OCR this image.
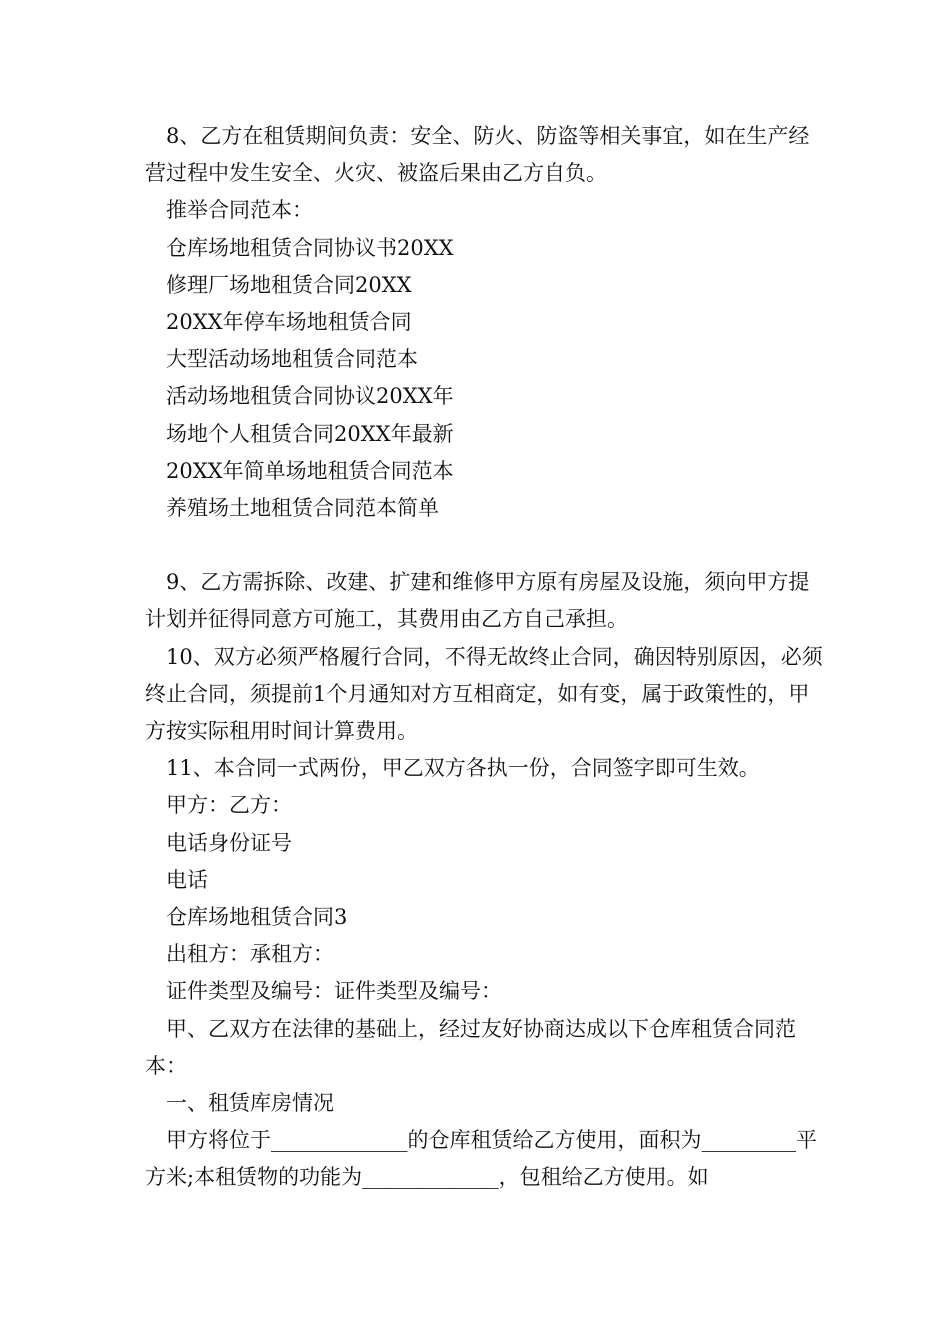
8、乙方在租赁期间负责：安全、防火、防盗等相关事宜，如在生产经营过程中发生安全、火灾、被盗后果由乙方自负。

推举合同范本：

仓库场地租赁合同协议书20XX

修理厂场地租赁合同20XX

20XX年停车场地租赁合同

大型活动场地租赁合同范本

活动场地租赁合同协议20XX年

场地个人租赁合同20XX年最新

20XX年简单场地租赁合同范本

养殖场土地租赁合同范本简单

9、乙方需拆除、改建、扩建和维修甲方原有房屋及设施，须向甲方提计划并征得同意方可施工，其费用由乙方自己承担。

10、双方必须严格履行合同，不得无故终止合同，确因特别原因，必须终止合同，须提前1个月通知对方互相商定，如有变，属于政策性的，甲方按实际租用时间计算费用。

11、本合同一式两份，甲乙双方各执一份，合同签字即可生效。

甲方：乙方：

电话身份证号

电话

仓库场地租赁合同3

出租方：承租方：

证件类型及编号：证件类型及编号：

甲、乙双方在法律的基础上，经过友好协商达成以下仓库租赁合同范本：

一、租赁库房情况

甲方将位于_____________的仓库租赁给乙方使用，面积为_________平方米;本租赁物的功能为_____________，包租给乙方使用。如
